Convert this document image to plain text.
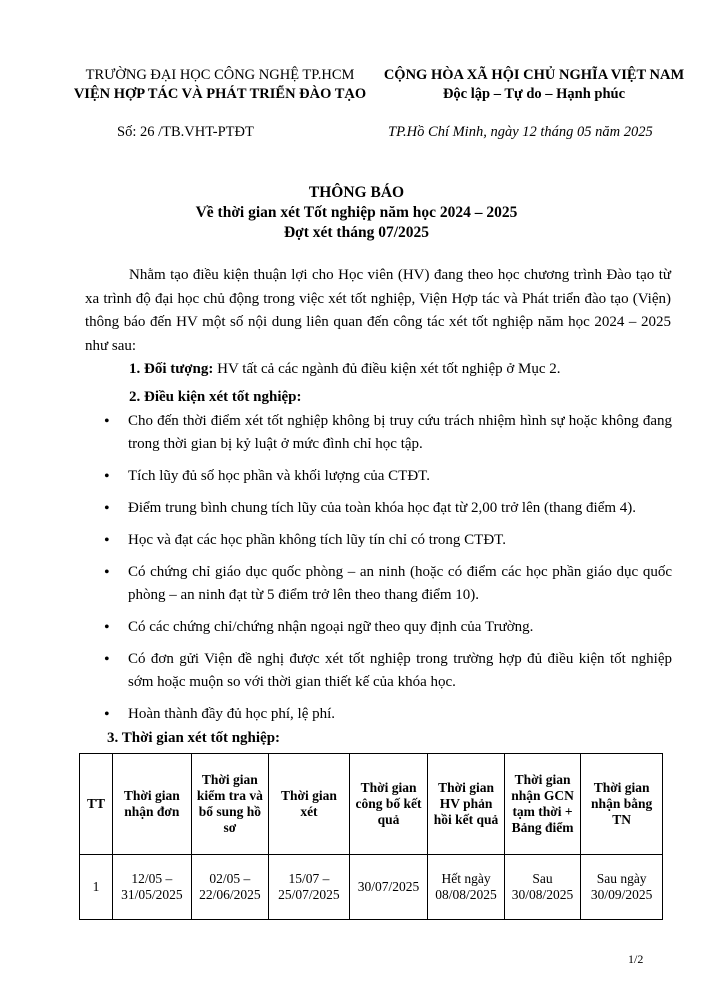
TRƯỜNG ĐẠI HỌC CÔNG NGHỆ TP.HCM
VIỆN HỢP TÁC VÀ PHÁT TRIỂN ĐÀO TẠO
CỘNG HÒA XÃ HỘI CHỦ NGHĨA VIỆT NAM
Độc lập – Tự do – Hạnh phúc
Số: 26 /TB.VHT-PTĐT	TP.Hồ Chí Minh, ngày 12 tháng 05 năm 2025
THÔNG BÁO
Về thời gian xét Tốt nghiệp năm học 2024 – 2025
Đợt xét tháng 07/2025
Nhằm tạo điều kiện thuận lợi cho Học viên (HV) đang theo học chương trình Đào tạo từ xa trình độ đại học chủ động trong việc xét tốt nghiệp, Viện Hợp tác và Phát triển đào tạo (Viện) thông báo đến HV một số nội dung liên quan đến công tác xét tốt nghiệp năm học 2024 – 2025 như sau:
1. Đối tượng: HV tất cả các ngành đủ điều kiện xét tốt nghiệp ở Mục 2.
2. Điều kiện xét tốt nghiệp:
• Cho đến thời điểm xét tốt nghiệp không bị truy cứu trách nhiệm hình sự hoặc không đang trong thời gian bị kỷ luật ở mức đình chỉ học tập.
• Tích lũy đủ số học phần và khối lượng của CTĐT.
• Điểm trung bình chung tích lũy của toàn khóa học đạt từ 2,00 trở lên (thang điểm 4).
• Học và đạt các học phần không tích lũy tín chỉ có trong CTĐT.
• Có chứng chỉ giáo dục quốc phòng – an ninh (hoặc có điểm các học phần giáo dục quốc phòng – an ninh đạt từ 5 điểm trở lên theo thang điểm 10).
• Có các chứng chỉ/chứng nhận ngoại ngữ theo quy định của Trường.
• Có đơn gửi Viện đề nghị được xét tốt nghiệp trong trường hợp đủ điều kiện tốt nghiệp sớm hoặc muộn so với thời gian thiết kế của khóa học.
• Hoàn thành đầy đủ học phí, lệ phí.
3. Thời gian xét tốt nghiệp:
TT	Thời gian nhận đơn	Thời gian kiểm tra và bổ sung hồ sơ	Thời gian xét	Thời gian công bố kết quả	Thời gian HV phản hồi kết quả	Thời gian nhận GCN tạm thời + Bảng điểm	Thời gian nhận bằng TN
1	12/05 – 31/05/2025	02/05 – 22/06/2025	15/07 – 25/07/2025	30/07/2025	Hết ngày 08/08/2025	Sau 30/08/2025	Sau ngày 30/09/2025
1/2
